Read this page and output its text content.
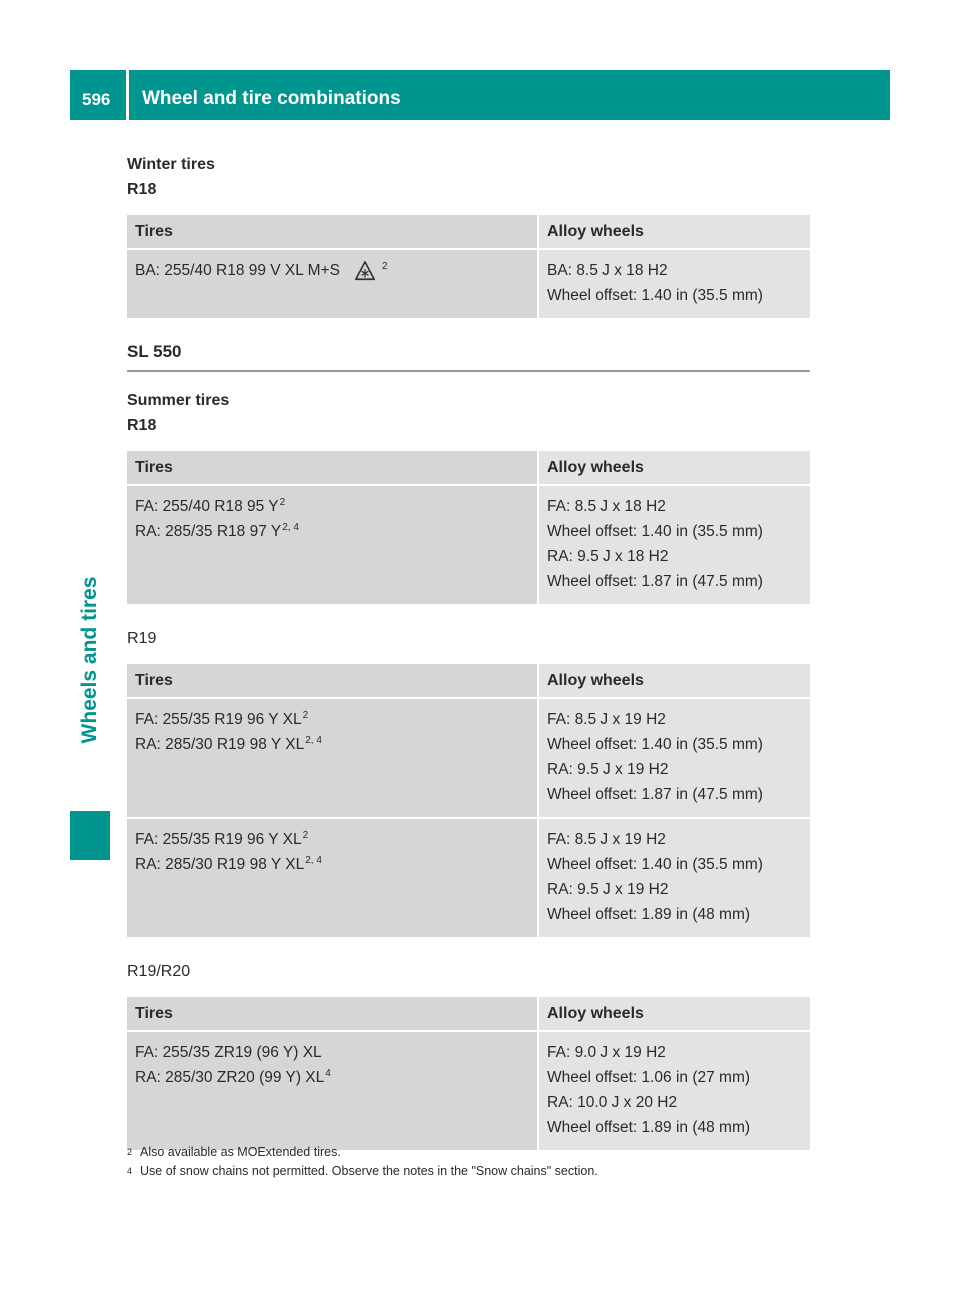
596 Wheel and tire combinations
Wheels and tires
Winter tires
R18
Tires	Alloy wheels
BA: 255/40 R18 99 V XL M+S $^2$	BA: 8.5 J x 18 H2
Wheel offset: 1.40 in (35.5 mm)
SL 550
Summer tires
R18
Tires	Alloy wheels

FA: 255/40 R18 95 $Y^2$
RA: 285/35 R18 97 Y$^{2, 4}$	FA: 8.5 J x 18 H2
Wheel offset: 1.40 in (35.5 mm)
RA: 9.5 J x 18 H2
Wheel offset: 1.87 in (47.5 mm)
R19
Tires	Alloy wheels

FA: 255/35 R19 96 Y $XL^2$
RA: 285/30 R19 98 Y XL$^{2, 4}$	FA: 8.5 J x 19 H2
Wheel offset: 1.40 in (35.5 mm)
RA: 9.5 J x 19 H2
Wheel offset: 1.87 in (47.5 mm)

FA: 255/35 R19 96 Y $XL^2$
RA: 285/30 R19 98 Y XL$^{2, 4}$	FA: 8.5 J x 19 H2
Wheel offset: 1.40 in (35.5 mm)
RA: 9.5 J x 19 H2
Wheel offset: 1.89 in (48 mm)
R19/R20
Tires	Alloy wheels

FA: 255/35 ZR19 (96 Y) XL
RA: 285/30 ZR20 (99 Y) $XL^4$	FA: 9.0 J x 19 H2
Wheel offset: 1.06 in (27 mm)
RA: 10.0 J x 20 H2
Wheel offset: 1.89 in (48 mm)
$^2$ Also available as MOExtended tires.
$^4$ Use of snow chains not permitted. Observe the notes in the "Snow chains" section.
